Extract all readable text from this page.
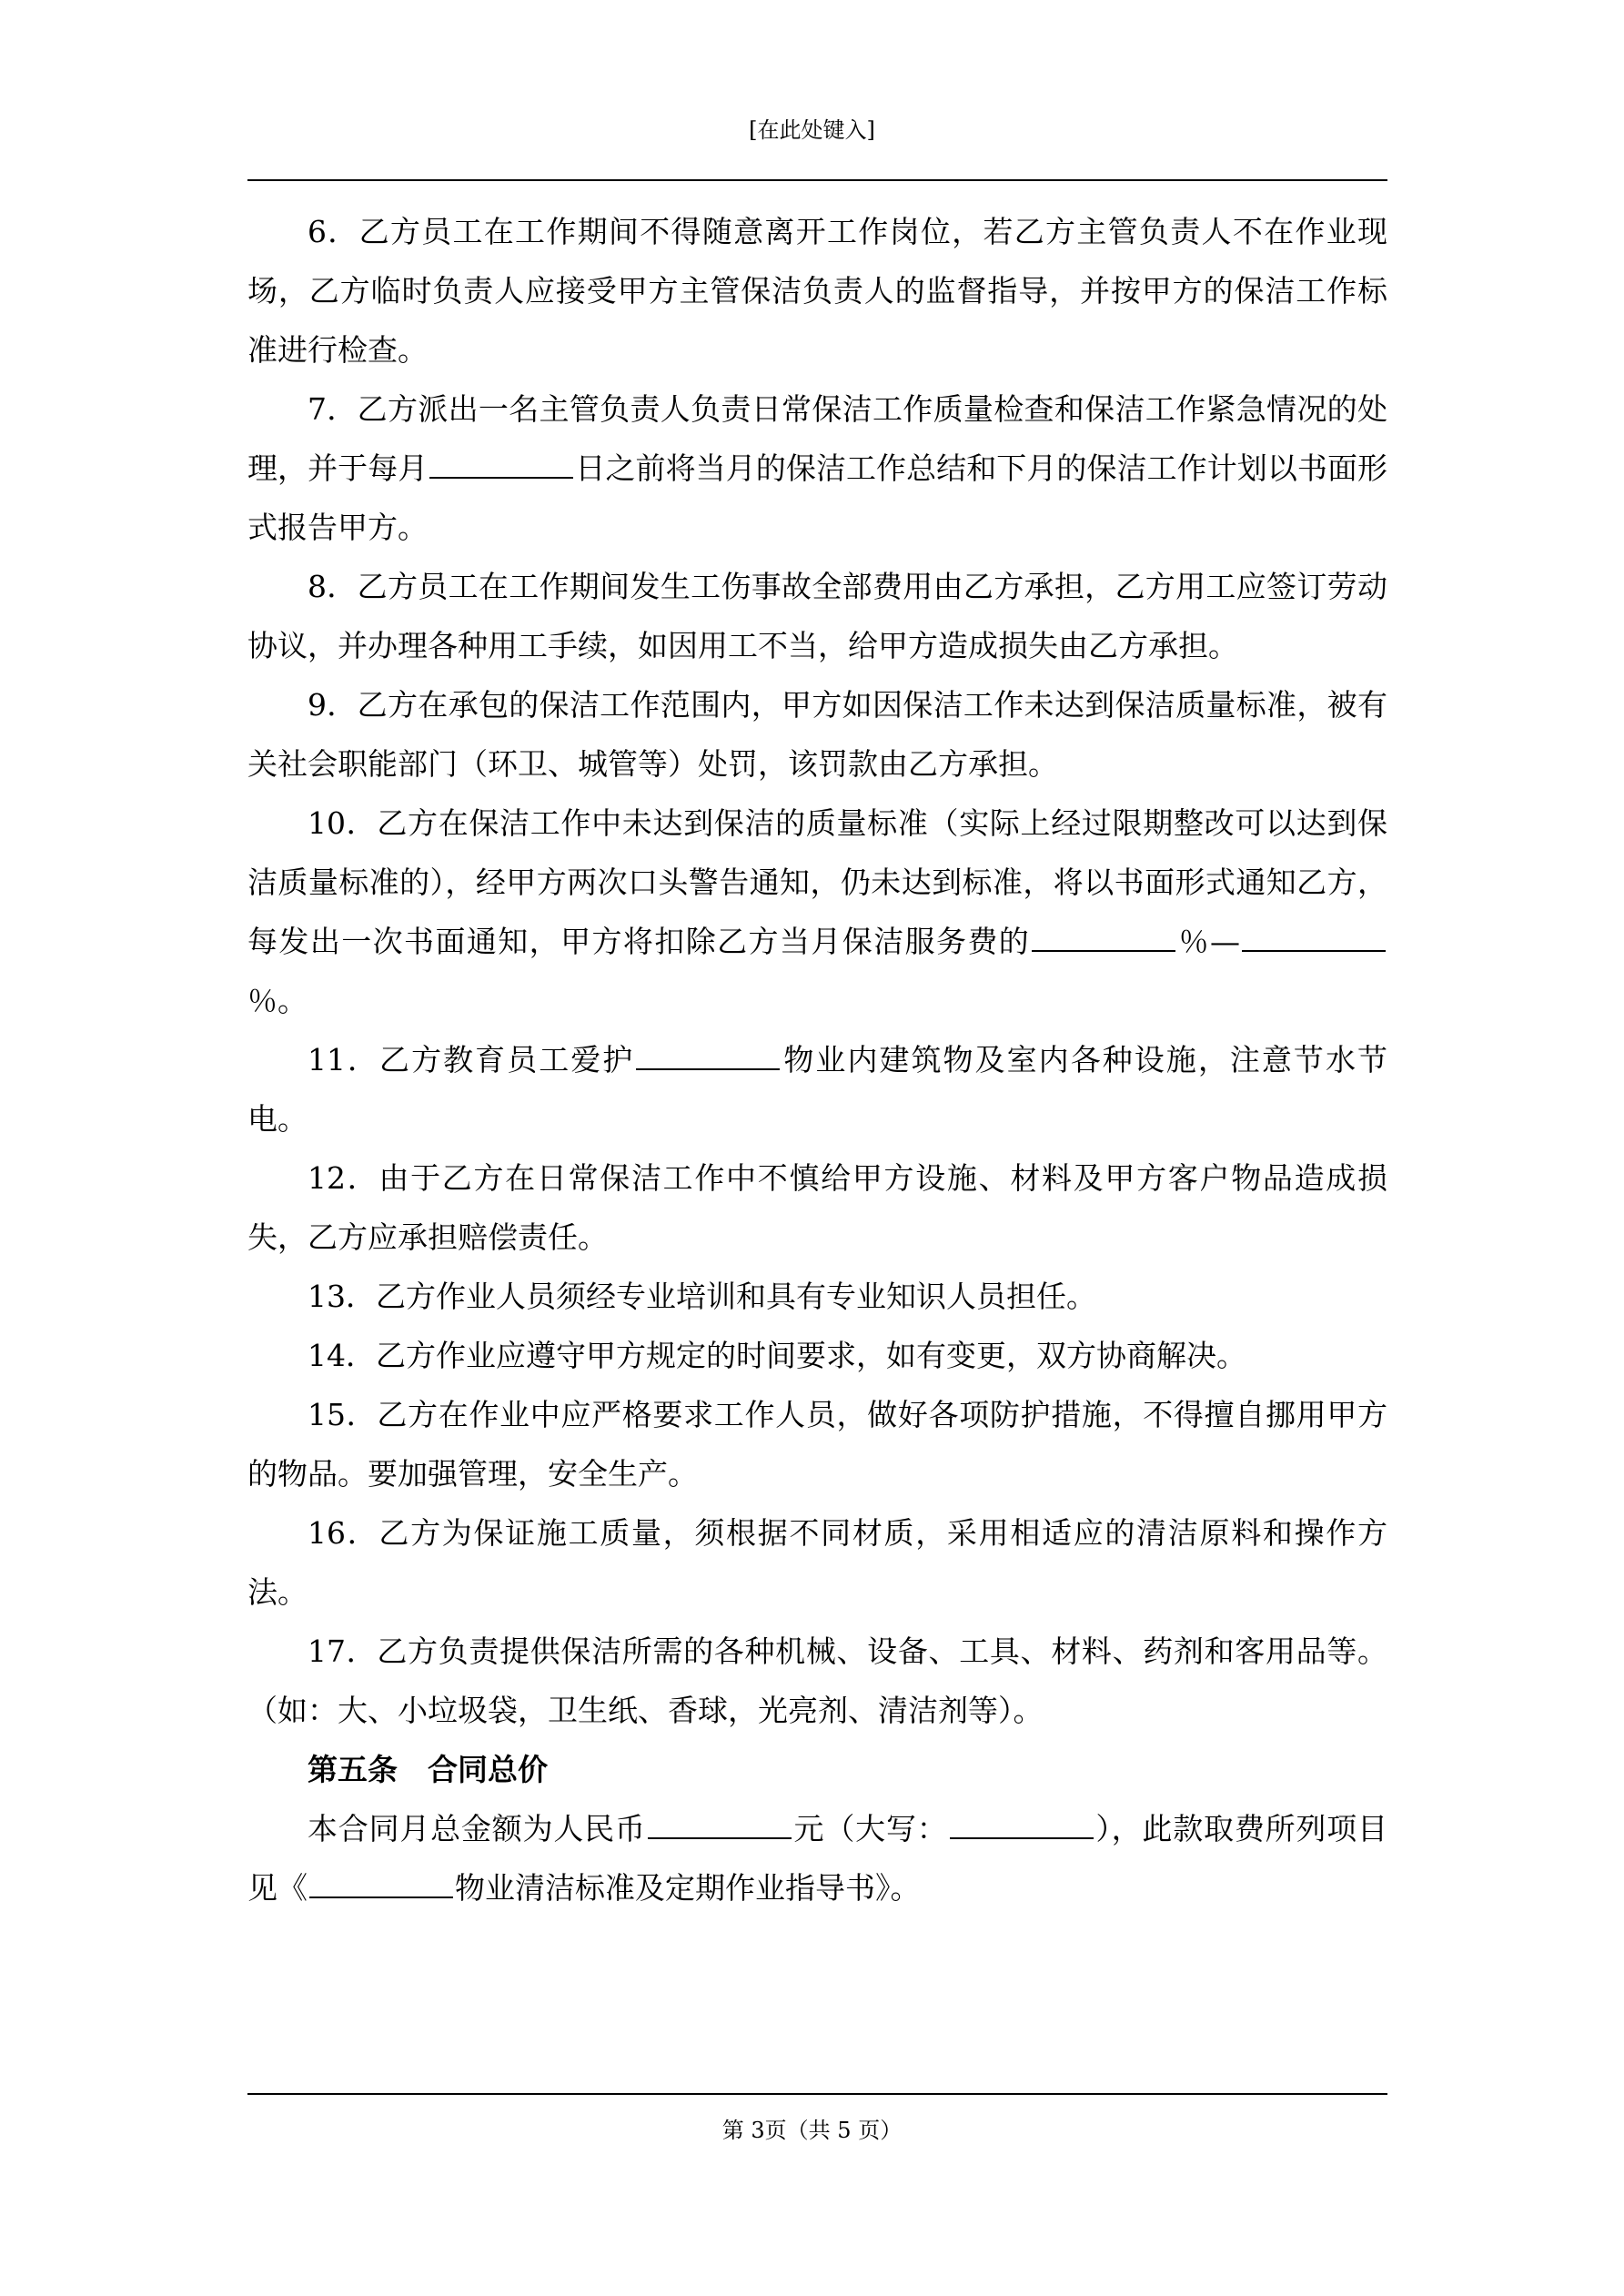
[在此处键入]

6．乙方员工在工作期间不得随意离开工作岗位，若乙方主管负责人不在作业现场，乙方临时负责人应接受甲方主管保洁负责人的监督指导，并按甲方的保洁工作标准进行检查。

7．乙方派出一名主管负责人负责日常保洁工作质量检查和保洁工作紧急情况的处理，并于每月	日之前将当月的保洁工作总结和下月的保洁工作计划以书面形式报告甲方。

8．乙方员工在工作期间发生工伤事故全部费用由乙方承担，乙方用工应签订劳动协议，并办理各种用工手续，如因用工不当，给甲方造成损失由乙方承担。

9．乙方在承包的保洁工作范围内，甲方如因保洁工作未达到保洁质量标准，被有关社会职能部门（环卫、城管等）处罚，该罚款由乙方承担。

10．乙方在保洁工作中未达到保洁的质量标准（实际上经过限期整改可以达到保洁质量标准的），经甲方两次口头警告通知，仍未达到标准，将以书面形式通知乙方，每发出一次书面通知，甲方将扣除乙方当月保洁服务费的	％—％。

11．乙方教育员工爱护	物业内建筑物及室内各种设施，注意节水节电。

12．由于乙方在日常保洁工作中不慎给甲方设施、材料及甲方客户物品造成损失，乙方应承担赔偿责任。

13．乙方作业人员须经专业培训和具有专业知识人员担任。

14．乙方作业应遵守甲方规定的时间要求，如有变更，双方协商解决。

15．乙方在作业中应严格要求工作人员，做好各项防护措施，不得擅自挪用甲方的物品。要加强管理，安全生产。

16．乙方为保证施工质量，须根据不同材质，采用相适应的清洁原料和操作方法。

17．乙方负责提供保洁所需的各种机械、设备、工具、材料、药剂和客用品等。（如：大、小垃圾袋，卫生纸、香球，光亮剂、清洁剂等）。

第五条　合同总价

本合同月总金额为人民币	元（大写：	），此款取费所列项目见《	物业清洁标准及定期作业指导书》。

第 3页（共 5 页）
